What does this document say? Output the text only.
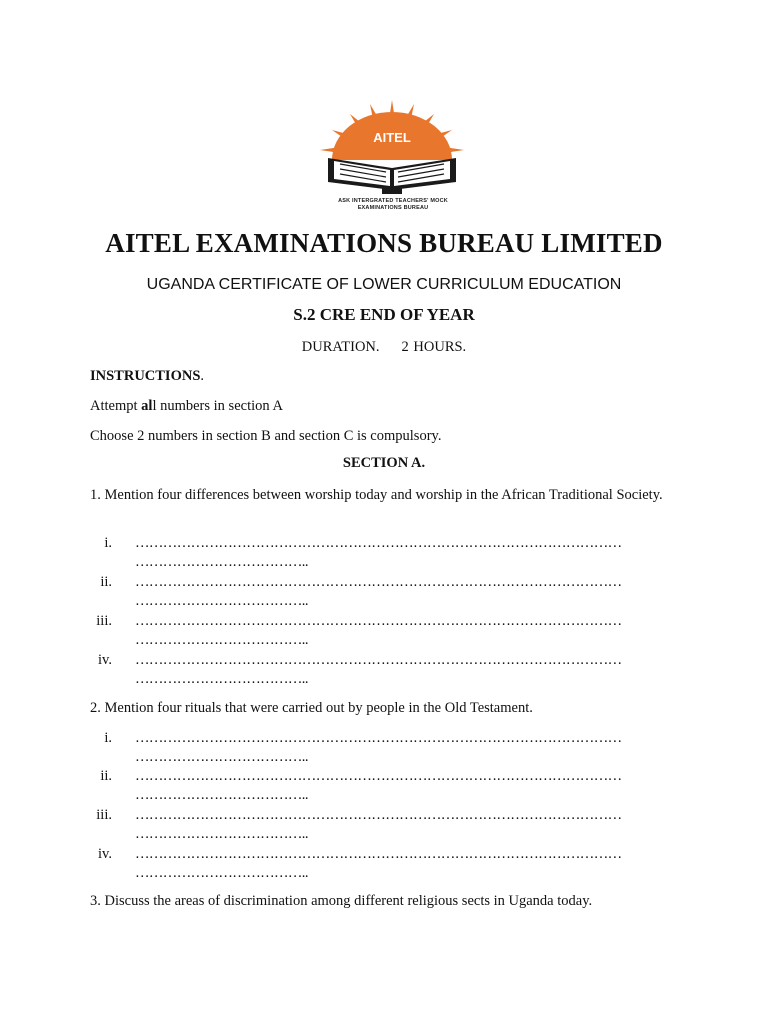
AITEL
ASK INTERGRATED TEACHERS' MOCK
EXAMINATIONS BUREAU
AITEL EXAMINATIONS BUREAU LIMITED
UGANDA CERTIFICATE OF LOWER CURRICULUM EDUCATION
S.2 CRE END OF YEAR
DURATION. 2 HOURS.
INSTRUCTIONS.
Attempt all numbers in section A
Choose 2 numbers in section B and section C is compulsory.
SECTION A.
1. Mention four differences between worship today and worship in the African Traditional Society.
i. ……………………………………………………………………………………………
………………………………..
ii. ……………………………………………………………………………………………
………………………………..
iii. ……………………………………………………………………………………………
………………………………..
iv. ……………………………………………………………………………………………
………………………………..
2. Mention four rituals that were carried out by people in the Old Testament.
i. ……………………………………………………………………………………………
………………………………..
ii. ……………………………………………………………………………………………
………………………………..
iii. ……………………………………………………………………………………………
………………………………..
iv. ……………………………………………………………………………………………
………………………………..
3. Discuss the areas of discrimination among different religious sects in Uganda today.
